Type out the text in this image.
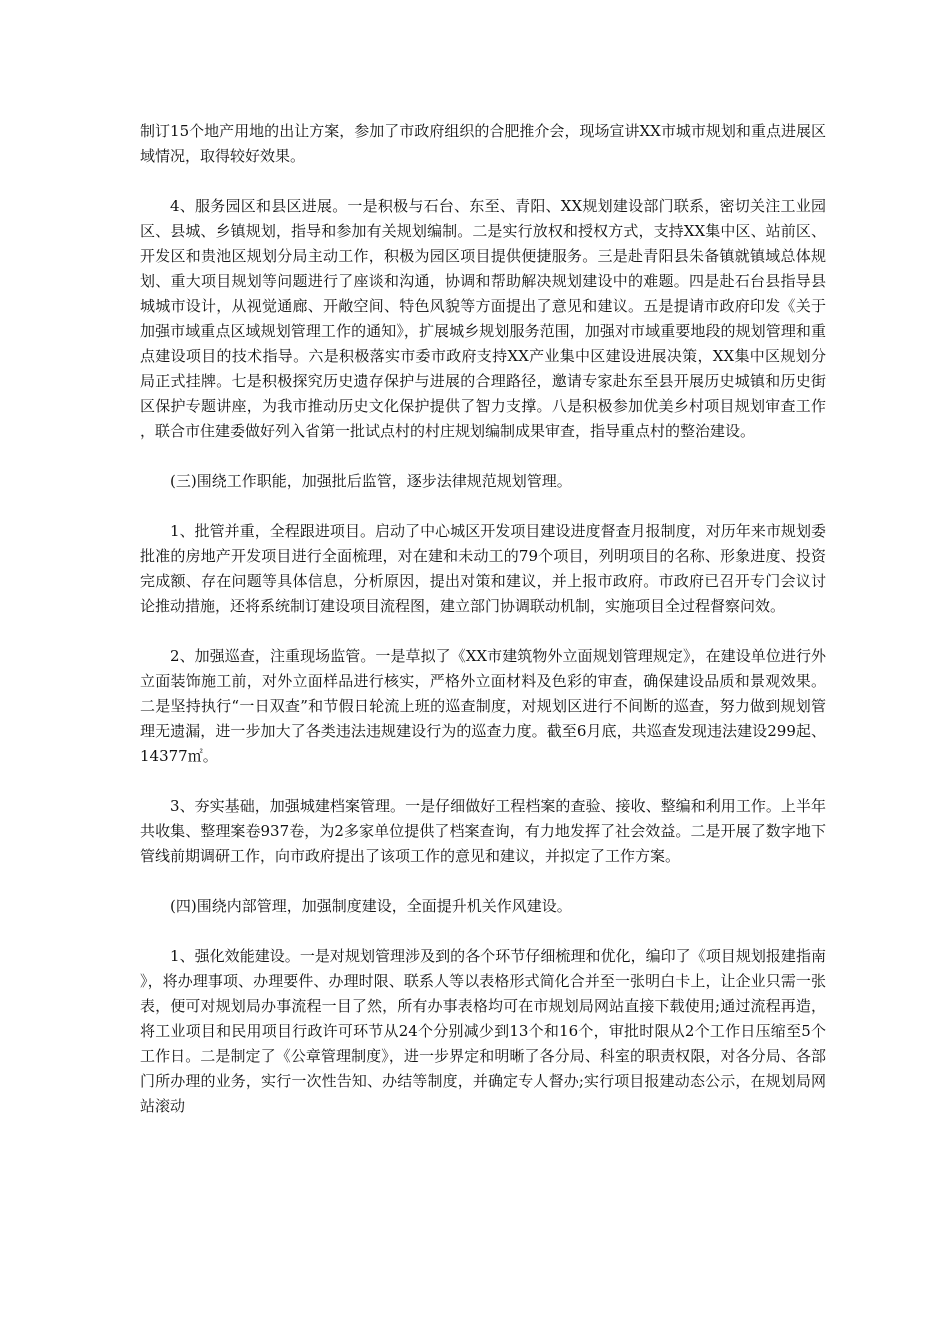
制订15个地产用地的出让方案，参加了市政府组织的合肥推介会，现场宣讲XX市城市规划和重点进展区域情况，取得较好效果。

4、服务园区和县区进展。一是积极与石台、东至、青阳、XX规划建设部门联系，密切关注工业园区、县城、乡镇规划，指导和参加有关规划编制。二是实行放权和授权方式，支持XX集中区、站前区、开发区和贵池区规划分局主动工作，积极为园区项目提供便捷服务。三是赴青阳县朱备镇就镇域总体规划、重大项目规划等问题进行了座谈和沟通，协调和帮助解决规划建设中的难题。四是赴石台县指导县城城市设计，从视觉通廊、开敞空间、特色风貌等方面提出了意见和建议。五是提请市政府印发《关于加强市域重点区域规划管理工作的通知》，扩展城乡规划服务范围，加强对市域重要地段的规划管理和重点建设项目的技术指导。六是积极落实市委市政府支持XX产业集中区建设进展决策，XX集中区规划分局正式挂牌。七是积极探究历史遗存保护与进展的合理路径，邀请专家赴东至县开展历史城镇和历史街区保护专题讲座，为我市推动历史文化保护提供了智力支撑。八是积极参加优美乡村项目规划审查工作，联合市住建委做好列入省第一批试点村的村庄规划编制成果审查，指导重点村的整治建设。

(三)围绕工作职能，加强批后监管，逐步法律规范规划管理。

1、批管并重，全程跟进项目。启动了中心城区开发项目建设进度督查月报制度，对历年来市规划委批准的房地产开发项目进行全面梳理，对在建和未动工的79个项目，列明项目的名称、形象进度、投资完成额、存在问题等具体信息，分析原因，提出对策和建议，并上报市政府。市政府已召开专门会议讨论推动措施，还将系统制订建设项目流程图，建立部门协调联动机制，实施项目全过程督察问效。

2、加强巡查，注重现场监管。一是草拟了《XX市建筑物外立面规划管理规定》，在建设单位进行外立面装饰施工前，对外立面样品进行核实，严格外立面材料及色彩的审查，确保建设品质和景观效果。二是坚持执行“一日双查”和节假日轮流上班的巡查制度，对规划区进行不间断的巡查，努力做到规划管理无遗漏，进一步加大了各类违法违规建设行为的巡查力度。截至6月底，共巡查发现违法建设299起、14377㎡。

3、夯实基础，加强城建档案管理。一是仔细做好工程档案的查验、接收、整编和利用工作。上半年共收集、整理案卷937卷，为2多家单位提供了档案查询，有力地发挥了社会效益。二是开展了数字地下管线前期调研工作，向市政府提出了该项工作的意见和建议，并拟定了工作方案。

(四)围绕内部管理，加强制度建设，全面提升机关作风建设。

1、强化效能建设。一是对规划管理涉及到的各个环节仔细梳理和优化，编印了《项目规划报建指南》，将办理事项、办理要件、办理时限、联系人等以表格形式简化合并至一张明白卡上，让企业只需一张表，便可对规划局办事流程一目了然，所有办事表格均可在市规划局网站直接下载使用;通过流程再造，将工业项目和民用项目行政许可环节从24个分别减少到13个和16个，审批时限从2个工作日压缩至5个工作日。二是制定了《公章管理制度》，进一步界定和明晰了各分局、科室的职责权限，对各分局、各部门所办理的业务，实行一次性告知、办结等制度，并确定专人督办;实行项目报建动态公示，在规划局网站滚动
